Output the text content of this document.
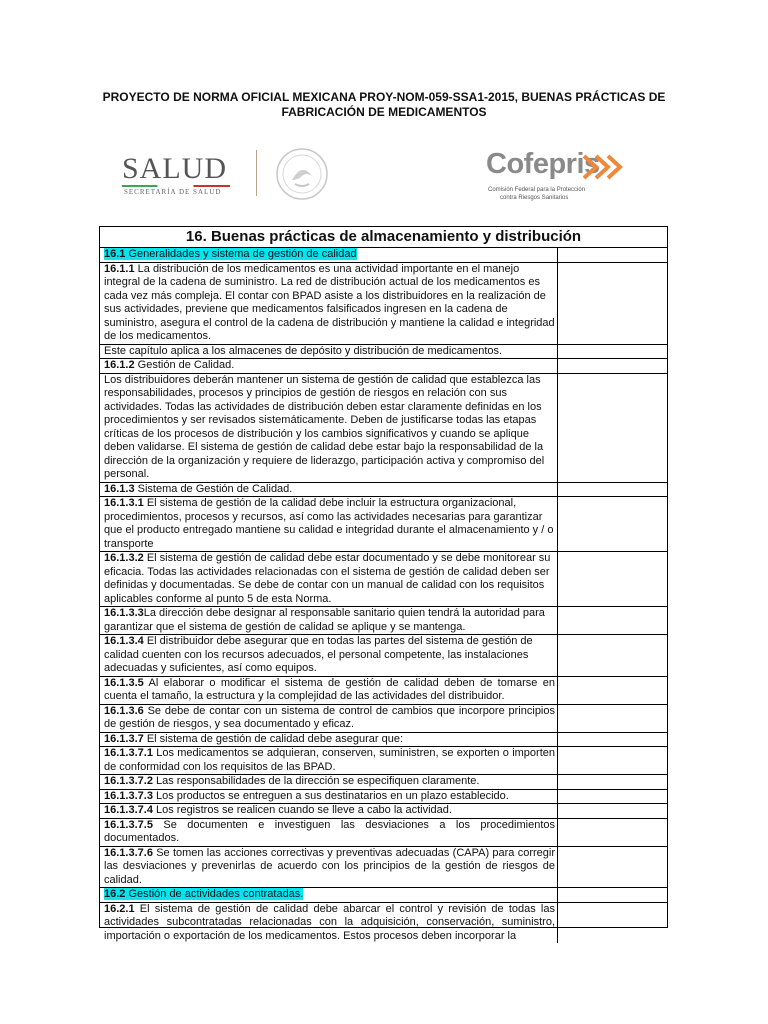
PROYECTO DE NORMA OFICIAL MEXICANA PROY-NOM-059-SSA1-2015, BUENAS PRÁCTICAS DE FABRICACIÓN DE MEDICAMENTOS
SALUD
SECRETARÍA DE SALUD
Cofepris
Comisión Federal para la Protección
contra Riesgos Sanitarios
16. Buenas prácticas de almacenamiento y distribución
16.1 Generalidades y sistema de gestión de calidad
16.1.1 La distribución de los medicamentos es una actividad importante en el manejo integral de la cadena de suministro. La red de distribución actual de los medicamentos es cada vez más compleja. El contar con BPAD asiste a los distribuidores en la realización de sus actividades, previene que medicamentos falsificados ingresen en la cadena de suministro, asegura el control de la cadena de distribución y mantiene la calidad e integridad de los medicamentos.
Este capítulo aplica a los almacenes de depósito y distribución de medicamentos.
16.1.2 Gestión de Calidad.
Los distribuidores deberán mantener un sistema de gestión de calidad que establezca las responsabilidades, procesos y principios de gestión de riesgos en relación con sus actividades. Todas las actividades de distribución deben estar claramente definidas en los procedimientos y ser revisados sistemáticamente. Deben de justificarse todas las etapas críticas de los procesos de distribución y los cambios significativos y cuando se aplique deben validarse. El sistema de gestión de calidad debe estar bajo la responsabilidad de la dirección de la organización y requiere de liderazgo, participación activa y compromiso del personal.
16.1.3 Sistema de Gestión de Calidad.
16.1.3.1 El sistema de gestión de la calidad debe incluir la estructura organizacional, procedimientos, procesos y recursos, así como las actividades necesarias para garantizar que el producto entregado mantiene su calidad e integridad durante el almacenamiento y / o transporte
16.1.3.2 El sistema de gestión de calidad debe estar documentado y se debe monitorear su eficacia. Todas las actividades relacionadas con el sistema de gestión de calidad deben ser definidas y documentadas. Se debe de contar con un manual de calidad con los requisitos aplicables conforme al punto 5 de esta Norma.
16.1.3.3La dirección debe designar al responsable sanitario quien tendrá la autoridad para garantizar que el sistema de gestión de calidad se aplique y se mantenga.
16.1.3.4 El distribuidor debe asegurar que en todas las partes del sistema de gestión de calidad cuenten con los recursos adecuados, el personal competente, las instalaciones adecuadas y suficientes, así como equipos.
16.1.3.5 Al elaborar o modificar el sistema de gestión de calidad deben de tomarse en cuenta el tamaño, la estructura y la complejidad de las actividades del distribuidor.
16.1.3.6 Se debe de contar con un sistema de control de cambios que incorpore principios de gestión de riesgos, y sea documentado y eficaz.
16.1.3.7 El sistema de gestión de calidad debe asegurar que:
16.1.3.7.1 Los medicamentos se adquieran, conserven, suministren, se exporten o importen de conformidad con los requisitos de las BPAD.
16.1.3.7.2 Las responsabilidades de la dirección se especifiquen claramente.
16.1.3.7.3 Los productos se entreguen a sus destinatarios en un plazo establecido.
16.1.3.7.4 Los registros se realicen cuando se lleve a cabo la actividad.
16.1.3.7.5 Se documenten e investiguen las desviaciones a los procedimientos documentados.
16.1.3.7.6 Se tomen las acciones correctivas y preventivas adecuadas (CAPA) para corregir las desviaciones y prevenirlas de acuerdo con los principios de la gestión de riesgos de calidad.
16.2 Gestión de actividades contratadas.
16.2.1 El sistema de gestión de calidad debe abarcar el control y revisión de todas las actividades subcontratadas relacionadas con la adquisición, conservación, suministro, importación o exportación de los medicamentos. Estos procesos deben incorporar la
